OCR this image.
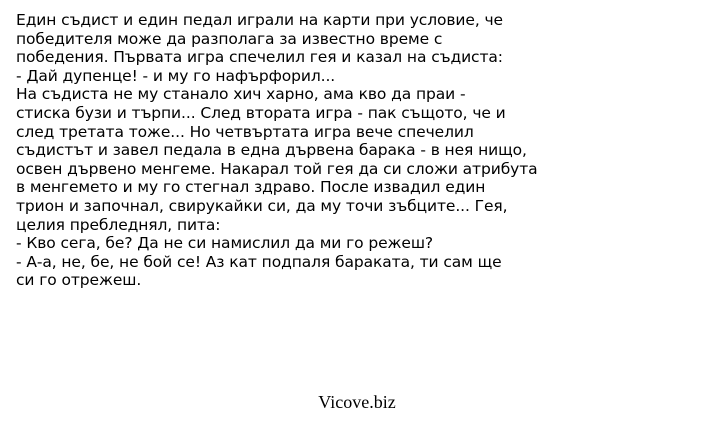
Един съдист и един педал играли на карти при условие, че
победителя може да разполага за известно време с
победения. Първата игра спечелил гея и казал на съдиста:
- Дай дупенце! - и му го нафърфорил...
На съдиста не му станало хич харно, ама кво да праи -
стиска бузи и търпи... След втората игра - пак същото, че и
след третата тоже... Но четвъртата игра вече спечелил
съдистът и завел педала в една дървена барака - в нея нищо,
освен дървено менгеме. Накарал той гея да си сложи атрибута
в менгемето и му го стегнал здраво. После извадил един
трион и започнал, свирукайки си, да му точи зъбците... Гея,
целия пребледнял, пита:
- Кво сега, бе? Да не си намислил да ми го режеш?
- А-а, не, бе, не бой се! Аз кат подпаля бараката, ти сам ще
си го отрежеш.
Vicove.biz
